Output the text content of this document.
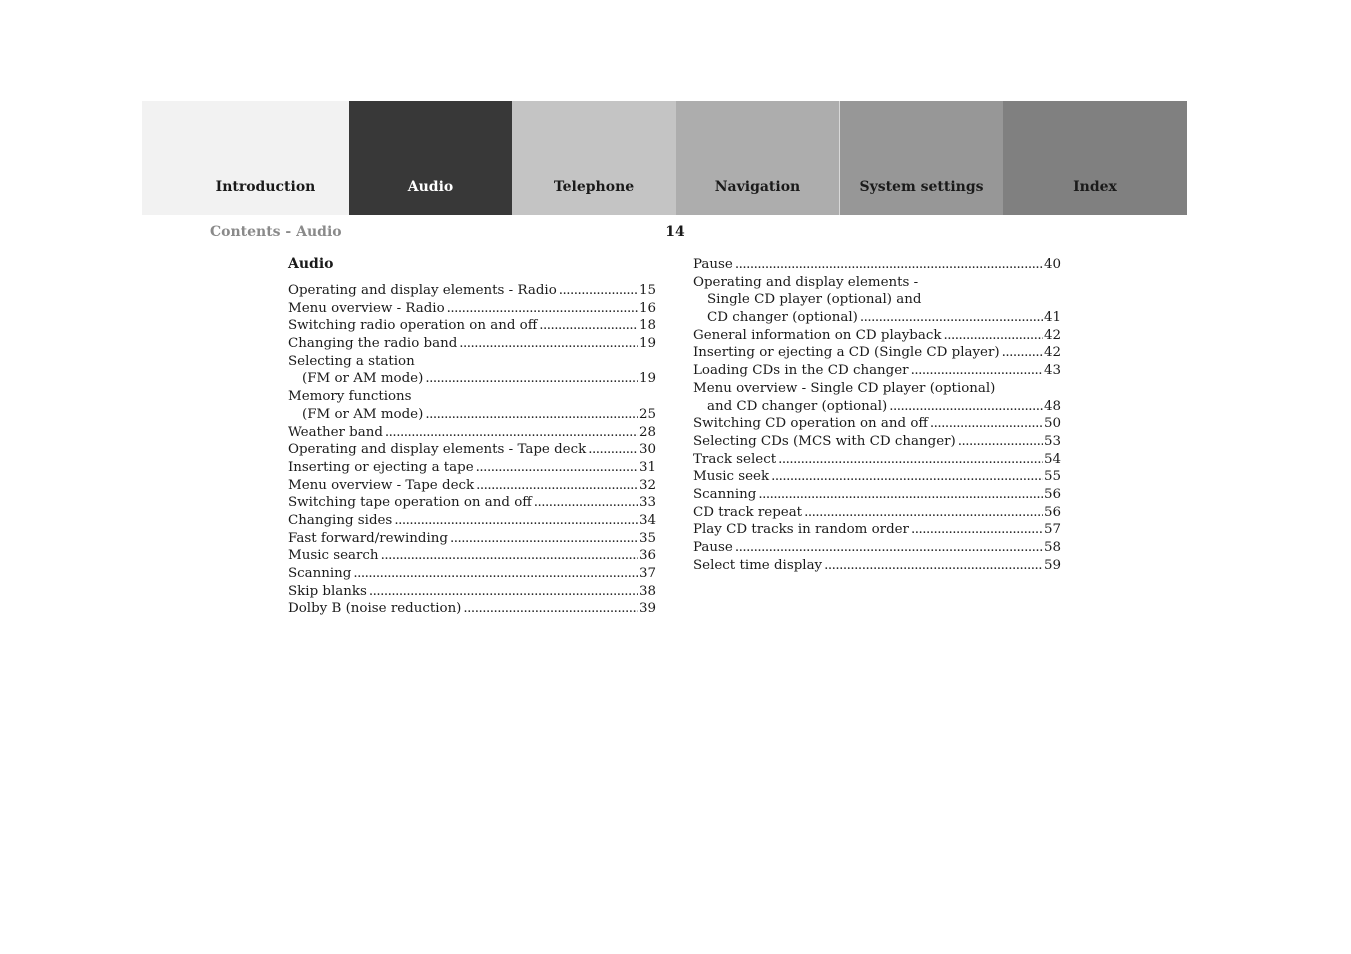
Introduction	Audio	Telephone	Navigation	System settings	Index
Contents - Audio	14
Audio
Operating and display elements - Radio .....	15
Menu overview - Radio .....	16
Switching radio operation on and off .....	18
Changing the radio band .....	19
Selecting a station
(FM or AM mode) .....	19
Memory functions
(FM or AM mode) .....	25
Weather band .....	28
Operating and display elements - Tape deck .....	30
Inserting or ejecting a tape .....	31
Menu overview - Tape deck .....	32
Switching tape operation on and off .....	33
Changing sides .....	34
Fast forward/rewinding .....	35
Music search .....	36
Scanning .....	37
Skip blanks .....	38
Dolby B (noise reduction) .....	39
Pause .....	40
Operating and display elements -
Single CD player (optional) and
CD changer (optional) .....	41
General information on CD playback .....	42
Inserting or ejecting a CD (Single CD player) .....	42
Loading CDs in the CD changer .....	43
Menu overview - Single CD player (optional)
and CD changer (optional) .....	48
Switching CD operation on and off .....	50
Selecting CDs (MCS with CD changer) .....	53
Track select .....	54
Music seek .....	55
Scanning .....	56
CD track repeat .....	56
Play CD tracks in random order .....	57
Pause .....	58
Select time display .....	59
